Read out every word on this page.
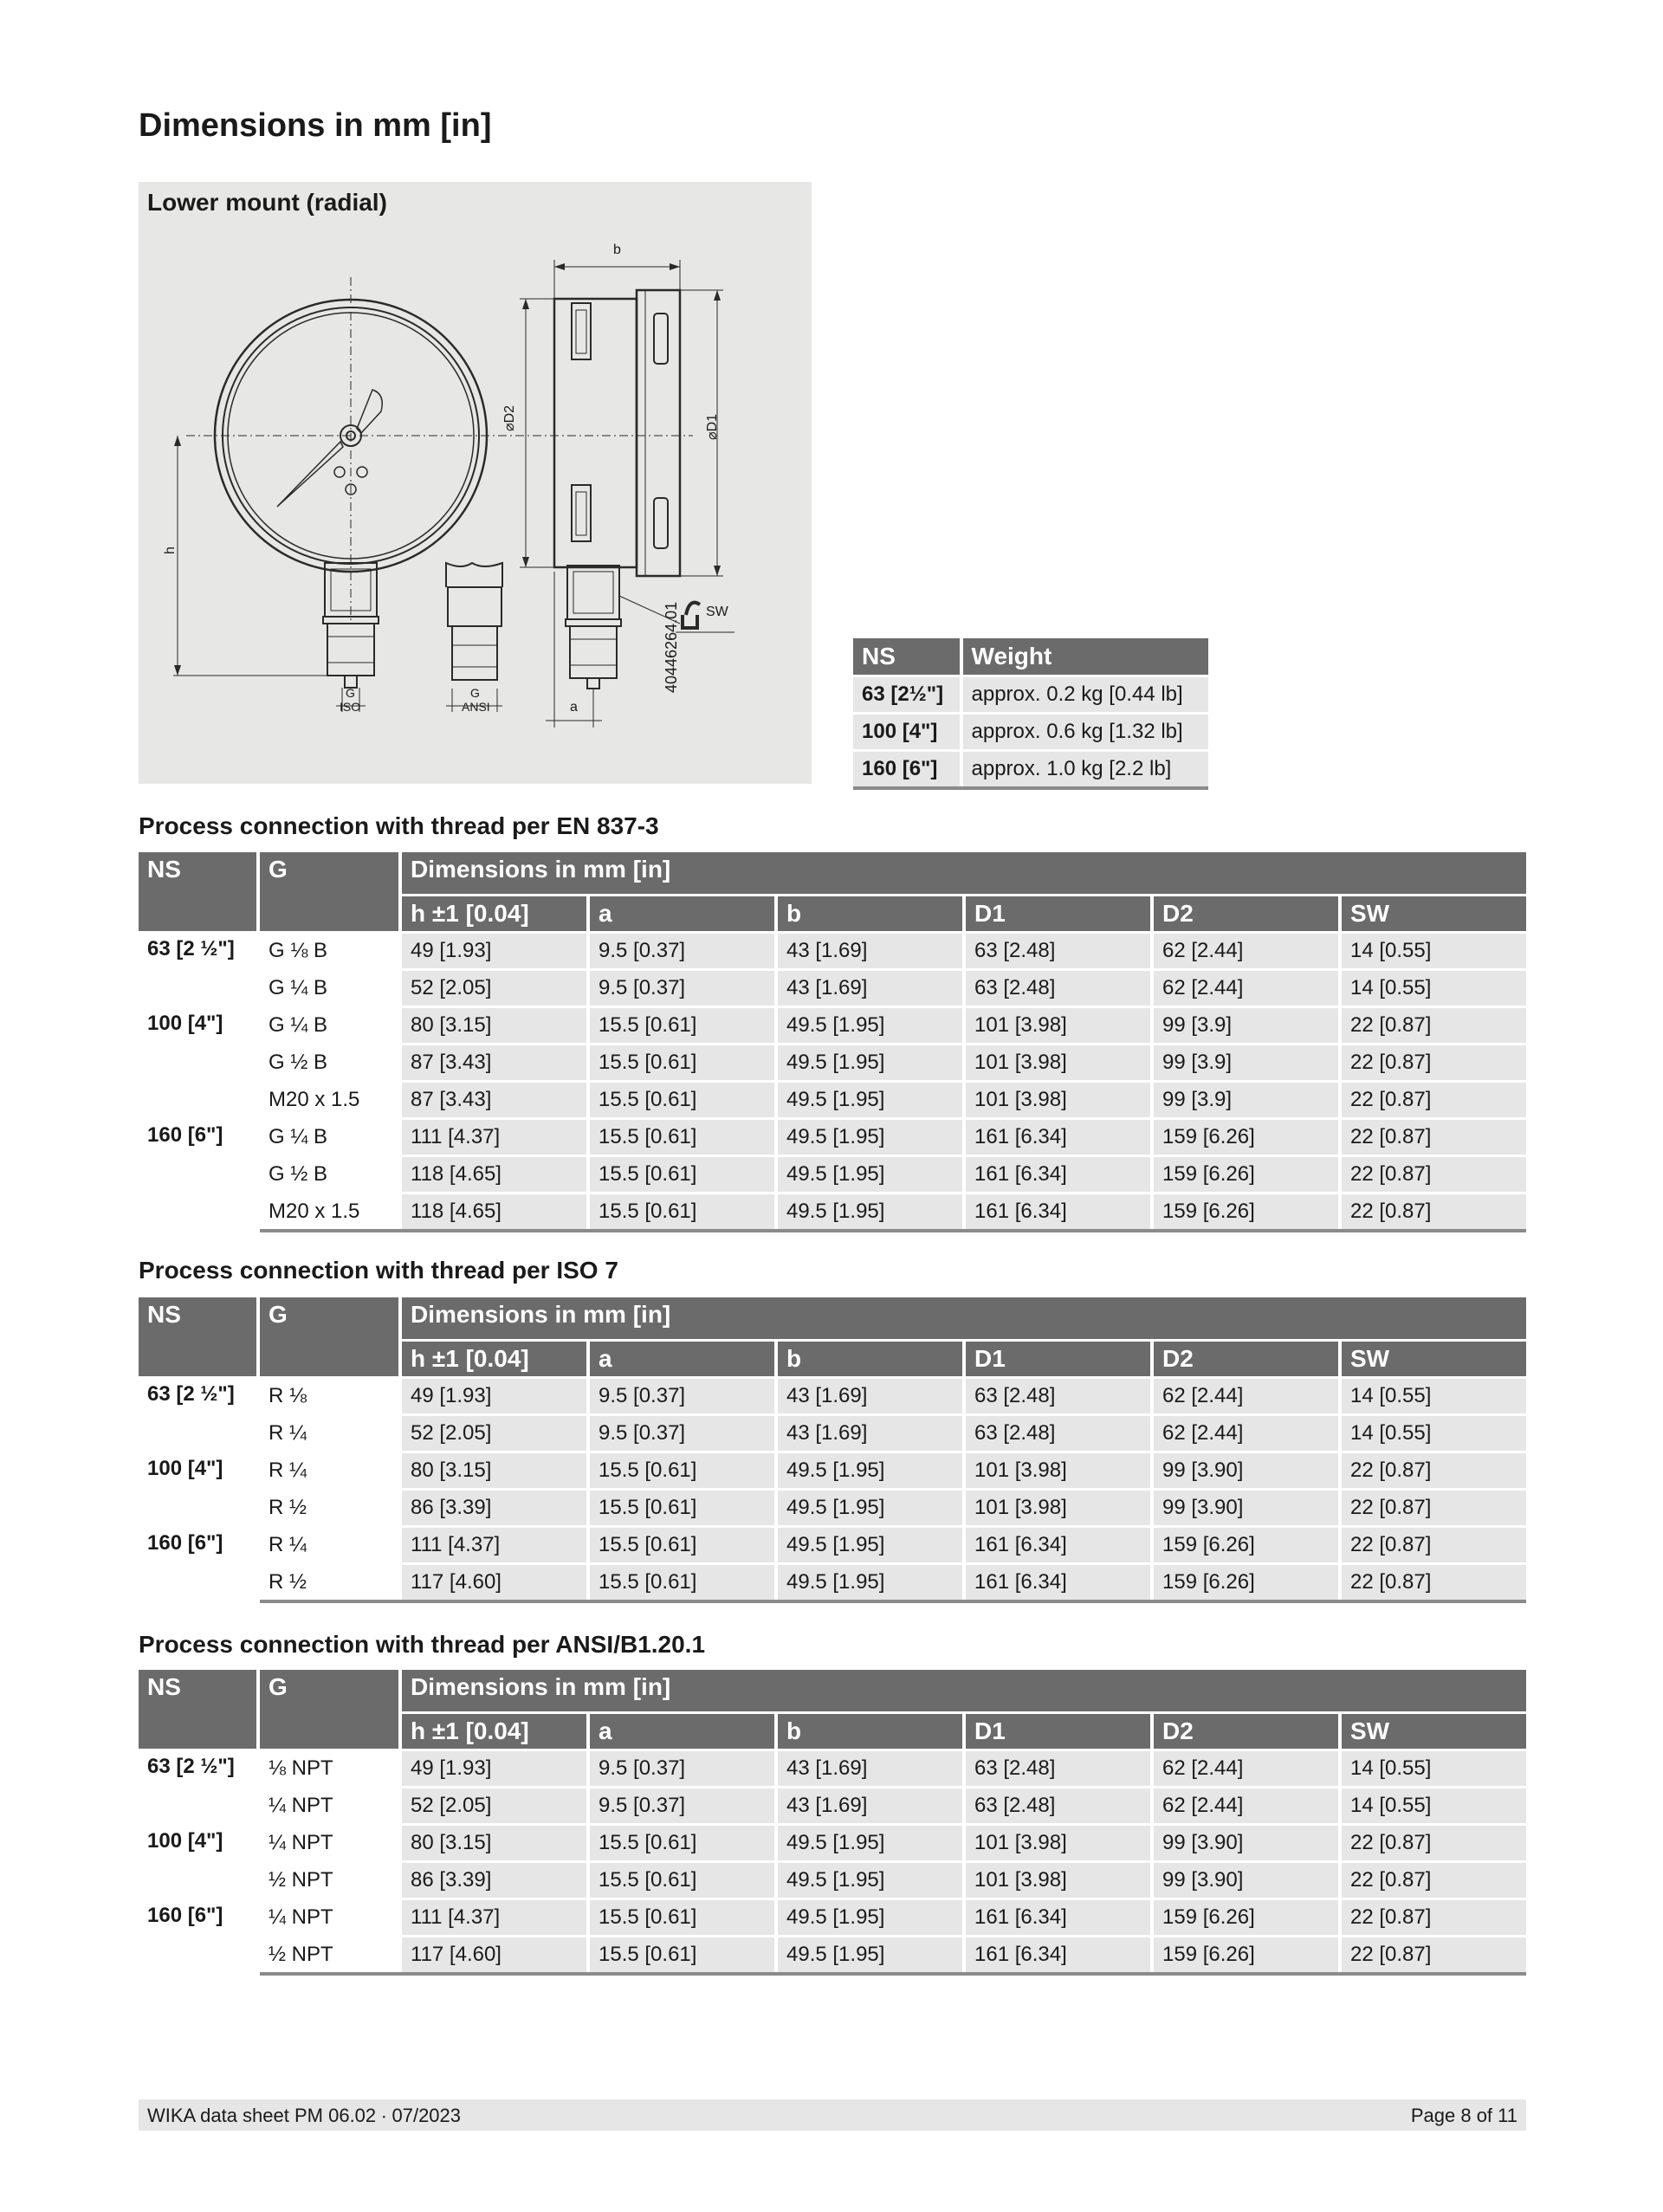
Dimensions in mm [in]
Lower mount (radial)
b
⌀D2	⌀D1
h
SW
G
ISO
G
ANSI	a
40446264.01	NS	Weight
63 [2½"]	approx. 0.2 kg [0.44 lb]
100 [4"]	approx. 0.6 kg [1.32 lb]
160 [6"]	approx. 1.0 kg [2.2 lb]
Process connection with thread per EN 837-3
NS	G	Dimensions in mm [in]					
		h ±1 [0.04]	a	b	D1	D2	SW
63 [2 ½"]	G ⅛ B	49 [1.93]	9.5 [0.37]	43 [1.69]	63 [2.48]	62 [2.44]	14 [0.55]
	G ¼ B	52 [2.05]	9.5 [0.37]	43 [1.69]	63 [2.48]	62 [2.44]	14 [0.55]
100 [4"]	G ¼ B	80 [3.15]	15.5 [0.61]	49.5 [1.95]	101 [3.98]	99 [3.9]	22 [0.87]
	G ½ B	87 [3.43]	15.5 [0.61]	49.5 [1.95]	101 [3.98]	99 [3.9]	22 [0.87]
	M20 x 1.5	87 [3.43]	15.5 [0.61]	49.5 [1.95]	101 [3.98]	99 [3.9]	22 [0.87]
160 [6"]	G ¼ B	111 [4.37]	15.5 [0.61]	49.5 [1.95]	161 [6.34]	159 [6.26]	22 [0.87]
	G ½ B	118 [4.65]	15.5 [0.61]	49.5 [1.95]	161 [6.34]	159 [6.26]	22 [0.87]
	M20 x 1.5	118 [4.65]	15.5 [0.61]	49.5 [1.95]	161 [6.34]	159 [6.26]	22 [0.87]
Process connection with thread per ISO 7
NS	G	Dimensions in mm [in]					
		h ±1 [0.04]	a	b	D1	D2	SW
63 [2 ½"]	R ⅛	49 [1.93]	9.5 [0.37]	43 [1.69]	63 [2.48]	62 [2.44]	14 [0.55]
	R ¼	52 [2.05]	9.5 [0.37]	43 [1.69]	63 [2.48]	62 [2.44]	14 [0.55]
100 [4"]	R ¼	80 [3.15]	15.5 [0.61]	49.5 [1.95]	101 [3.98]	99 [3.90]	22 [0.87]
	R ½	86 [3.39]	15.5 [0.61]	49.5 [1.95]	101 [3.98]	99 [3.90]	22 [0.87]
160 [6"]	R ¼	111 [4.37]	15.5 [0.61]	49.5 [1.95]	161 [6.34]	159 [6.26]	22 [0.87]
	R ½	117 [4.60]	15.5 [0.61]	49.5 [1.95]	161 [6.34]	159 [6.26]	22 [0.87]
Process connection with thread per ANSI/B1.20.1
NS	G	Dimensions in mm [in]					
		h ±1 [0.04]	a	b	D1	D2	SW
63 [2 ½"]	⅛ NPT	49 [1.93]	9.5 [0.37]	43 [1.69]	63 [2.48]	62 [2.44]	14 [0.55]
	¼ NPT	52 [2.05]	9.5 [0.37]	43 [1.69]	63 [2.48]	62 [2.44]	14 [0.55]
100 [4"]	¼ NPT	80 [3.15]	15.5 [0.61]	49.5 [1.95]	101 [3.98]	99 [3.90]	22 [0.87]
	½ NPT	86 [3.39]	15.5 [0.61]	49.5 [1.95]	101 [3.98]	99 [3.90]	22 [0.87]
160 [6"]	¼ NPT	111 [4.37]	15.5 [0.61]	49.5 [1.95]	161 [6.34]	159 [6.26]	22 [0.87]
	½ NPT	117 [4.60]	15.5 [0.61]	49.5 [1.95]	161 [6.34]	159 [6.26]	22 [0.87]
WIKA data sheet PM 06.02 ∙ 07/2023	Page 8 of 11
